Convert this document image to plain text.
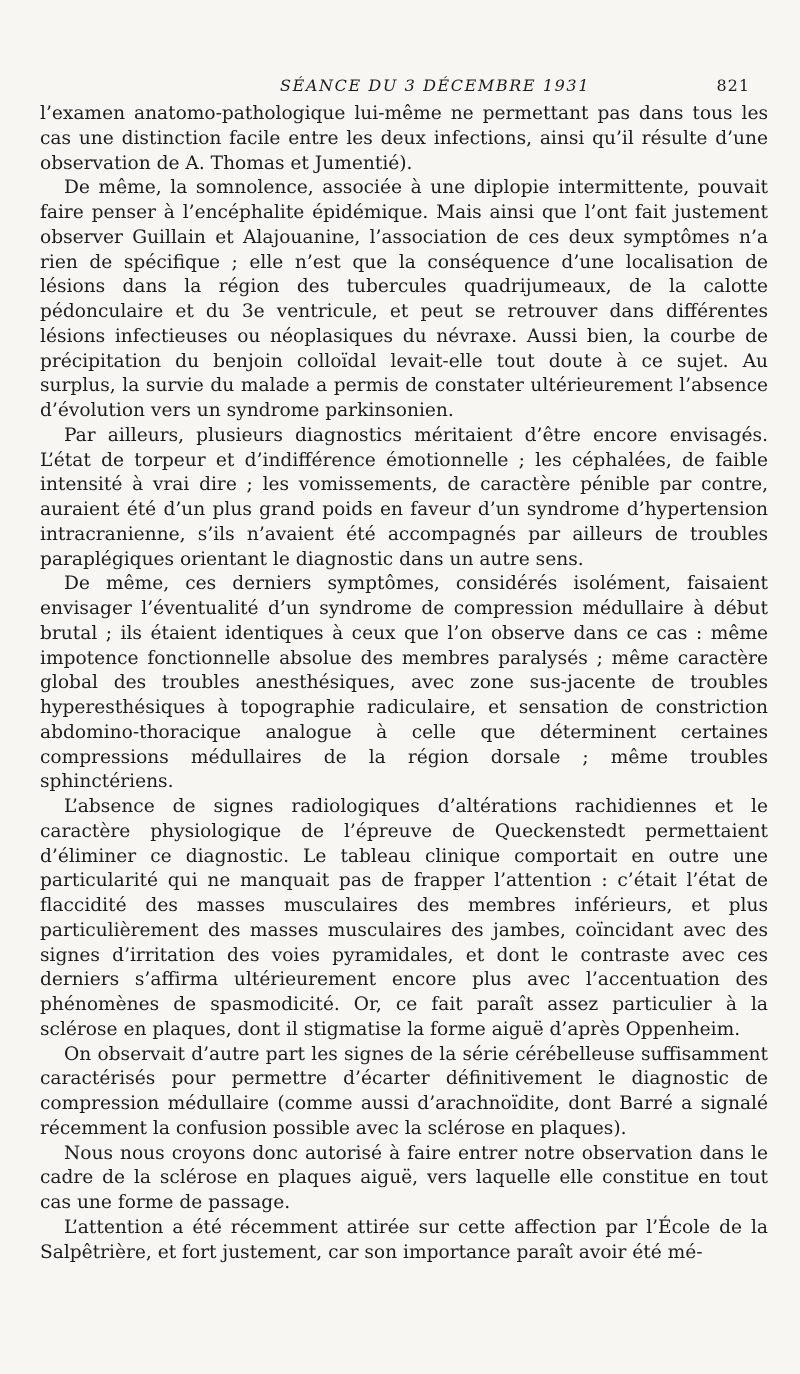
SÉANCE DU 3 DÉCEMBRE 1931	821

l’examen anatomo-pathologique lui-même ne permettant pas dans tous les cas une distinction facile entre les deux infections, ainsi qu’il résulte d’une observation de A. Thomas et Jumentié).

De même, la somnolence, associée à une diplopie intermittente, pouvait faire penser à l’encéphalite épidémique. Mais ainsi que l’ont fait justement observer Guillain et Alajouanine, l’association de ces deux symptômes n’a rien de spécifique ; elle n’est que la conséquence d’une localisation de lésions dans la région des tubercules quadrijumeaux, de la calotte pédonculaire et du 3e ventricule, et peut se retrouver dans différentes lésions infectieuses ou néoplasiques du névraxe. Aussi bien, la courbe de précipitation du benjoin colloïdal levait-elle tout doute à ce sujet. Au surplus, la survie du malade a permis de constater ultérieurement l’absence d’évolution vers un syndrome parkinsonien.

Par ailleurs, plusieurs diagnostics méritaient d’être encore envisagés. L’état de torpeur et d’indifférence émotionnelle ; les céphalées, de faible intensité à vrai dire ; les vomissements, de caractère pénible par contre, auraient été d’un plus grand poids en faveur d’un syndrome d’hypertension intracranienne, s’ils n’avaient été accompagnés par ailleurs de troubles paraplégiques orientant le diagnostic dans un autre sens.

De même, ces derniers symptômes, considérés isolément, faisaient envisager l’éventualité d’un syndrome de compression médullaire à début brutal ; ils étaient identiques à ceux que l’on observe dans ce cas : même impotence fonctionnelle absolue des membres paralysés ; même caractère global des troubles anesthésiques, avec zone sus-jacente de troubles hyperesthésiques à topographie radiculaire, et sensation de constriction abdomino-thoracique analogue à celle que déterminent certaines compressions médullaires de la région dorsale ; même troubles sphinctériens.

L’absence de signes radiologiques d’altérations rachidiennes et le caractère physiologique de l’épreuve de Queckenstedt permettaient d’éliminer ce diagnostic. Le tableau clinique comportait en outre une particularité qui ne manquait pas de frapper l’attention : c’était l’état de flaccidité des masses musculaires des membres inférieurs, et plus particulièrement des masses musculaires des jambes, coïncidant avec des signes d’irritation des voies pyramidales, et dont le contraste avec ces derniers s’affirma ultérieurement encore plus avec l’accentuation des phénomènes de spasmodicité. Or, ce fait paraît assez particulier à la sclérose en plaques, dont il stigmatise la forme aiguë d’après Oppenheim.

On observait d’autre part les signes de la série cérébelleuse suffisamment caractérisés pour permettre d’écarter définitivement le diagnostic de compression médullaire (comme aussi d’arachnoïdite, dont Barré a signalé récemment la confusion possible avec la sclérose en plaques).

Nous nous croyons donc autorisé à faire entrer notre observation dans le cadre de la sclérose en plaques aiguë, vers laquelle elle constitue en tout cas une forme de passage.

L’attention a été récemment attirée sur cette affection par l’École de la Salpêtrière, et fort justement, car son importance paraît avoir été mé-
